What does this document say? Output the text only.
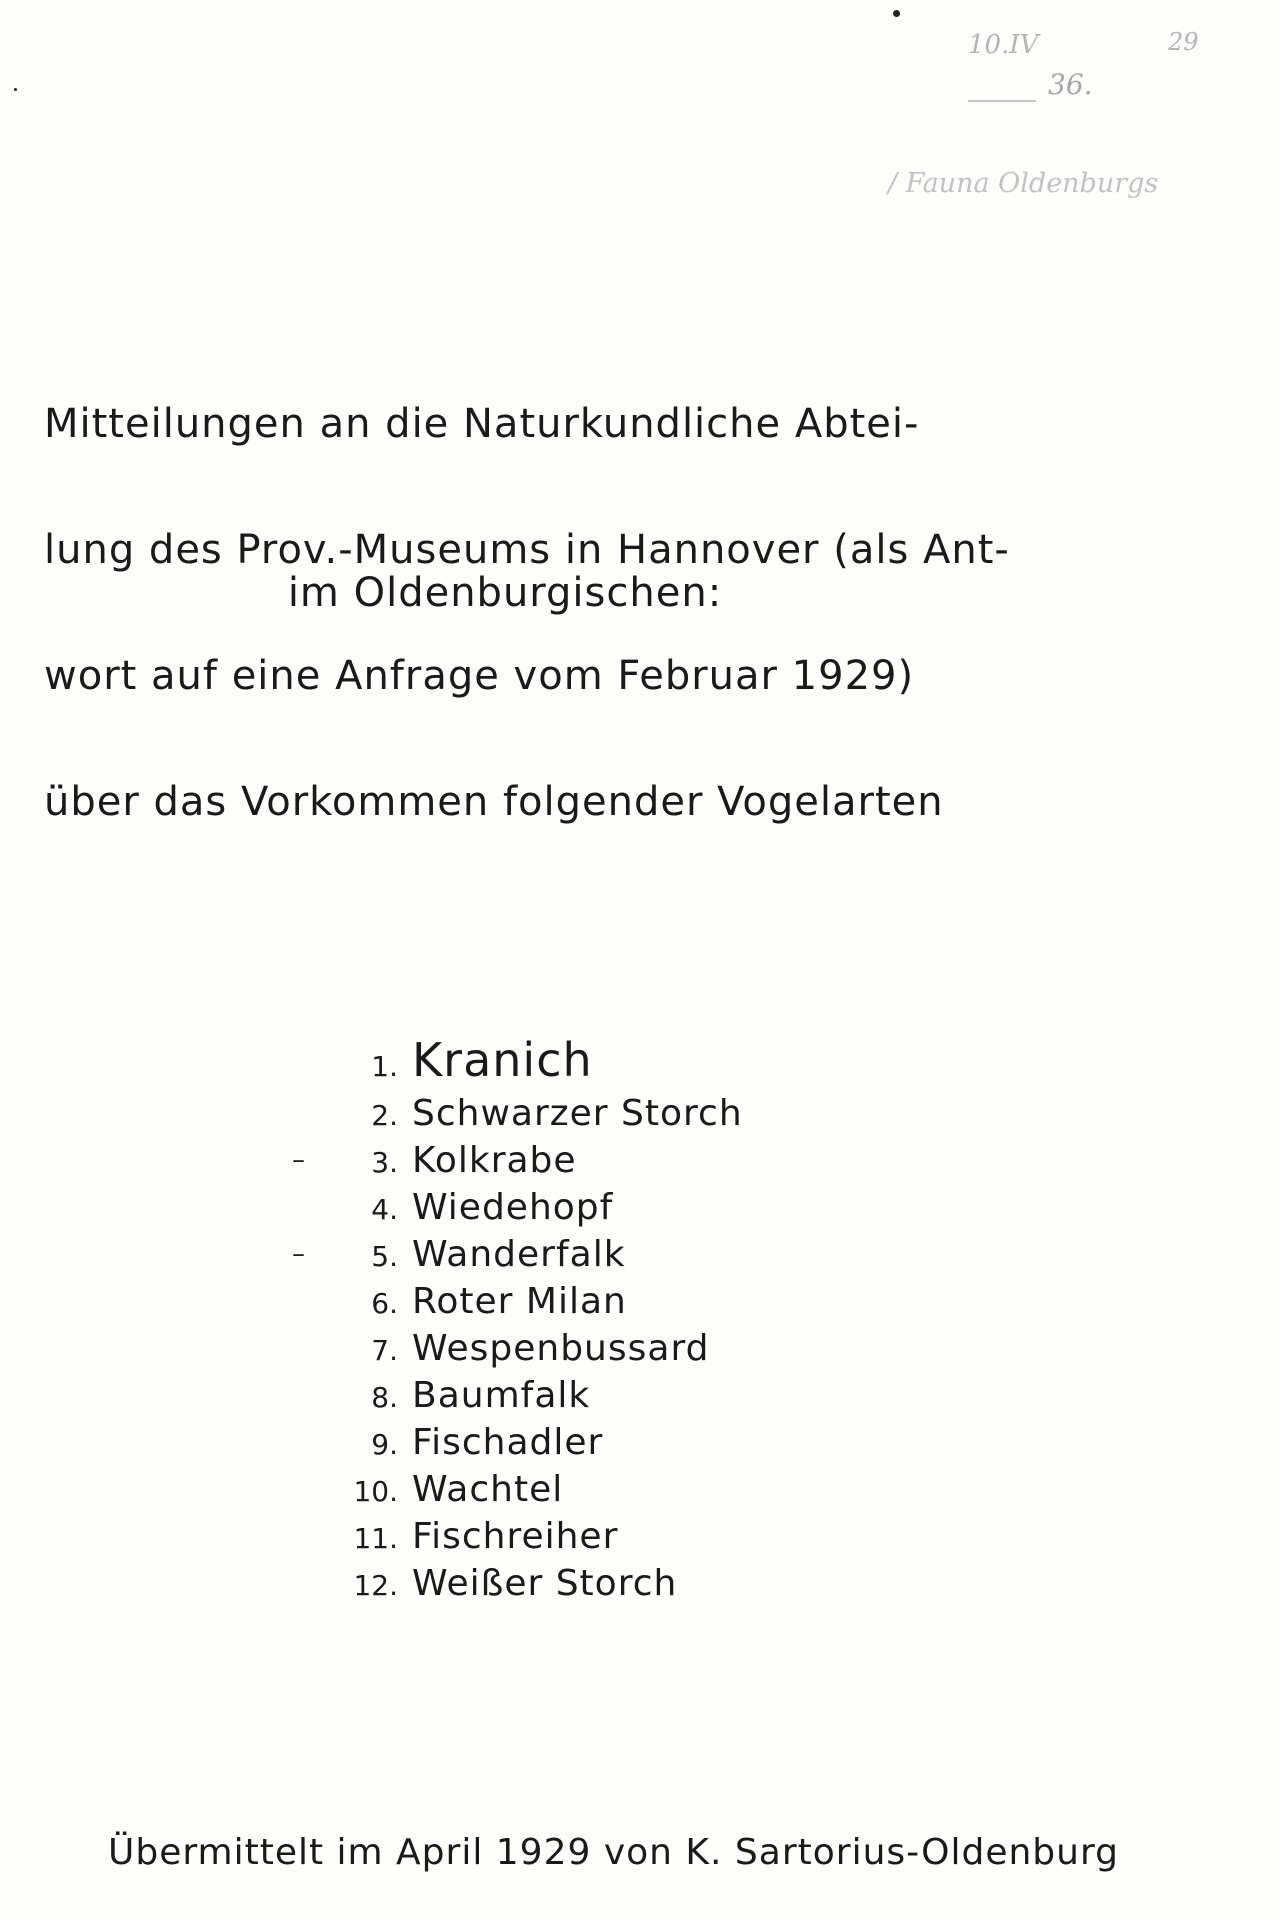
10.IV	29
36.
/ Fauna Oldenburgs

Mitteilungen an die Naturkundliche Abtei-

lung des Prov.-Museums in Hannover (als Ant-

wort auf eine Anfrage vom Februar 1929)

über das Vorkommen folgender Vogelarten

im Oldenburgischen:
1. Kranich
2. Schwarzer Storch
– 3. Kolkrabe
4. Wiedehopf
– 5. Wanderfalk
6. Roter Milan
7. Wespenbussard
8. Baumfalk
9. Fischadler
10. Wachtel
11. Fischreiher
12. Weißer Storch
Übermittelt im April 1929 von K. Sartorius-Oldenburg
